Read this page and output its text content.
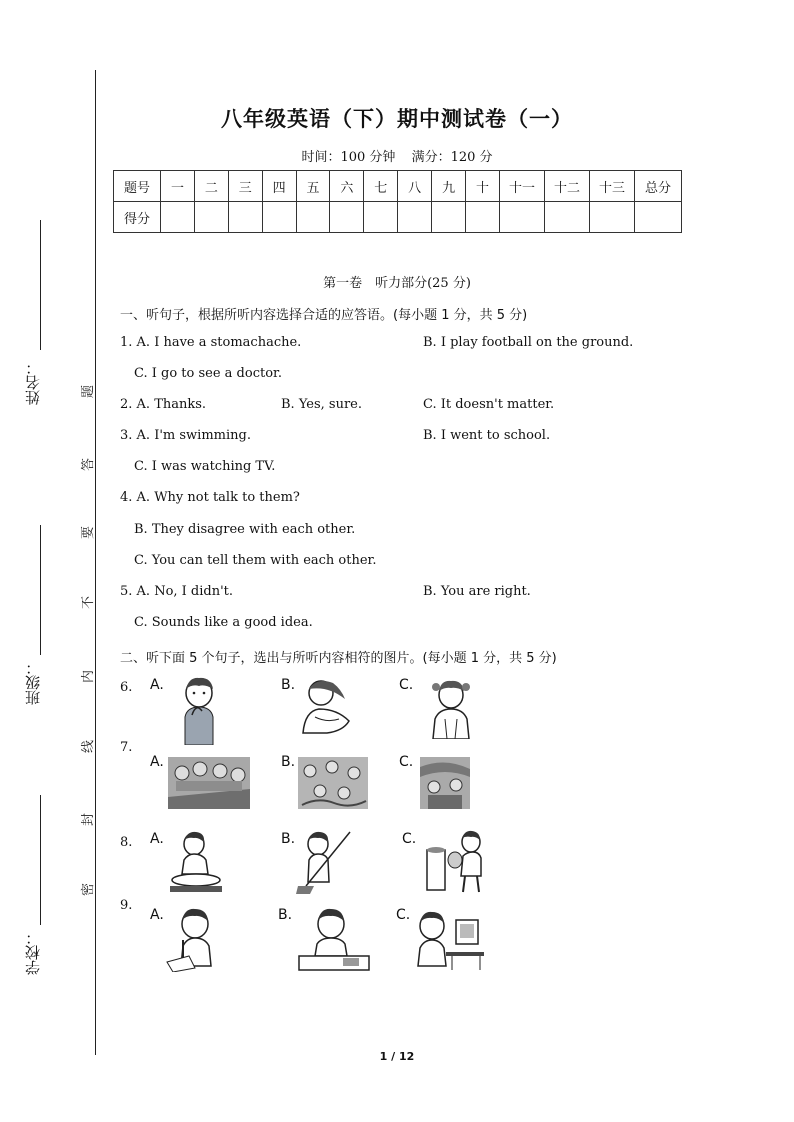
姓名：
班级：
学校：
题
答
要
不
内
线
封
密
八年级英语（下）期中测试卷（一）
时间：100 分钟 满分：120 分
题号	一	二	三	四	五	六	七	八	九	十	十一	十二	十三	总分
得分														
第一卷　听力部分(25 分)
一、听句子，根据所听内容选择合适的应答语。(每小题 1 分，共 5 分)
1. A. I have a stomachache.	B. I play football on the ground.
C. I go to see a doctor.
2. A. Thanks.	B. Yes, sure.	C. It doesn't matter.
3. A. I'm swimming.	B. I went to school.
C. I was watching TV.
4. A. Why not talk to them?
B. They disagree with each other.
C. You can tell them with each other.
5. A. No, I didn't.	B. You are right.
C. Sounds like a good idea.
二、听下面 5 个句子，选出与所听内容相符的图片。(每小题 1 分，共 5 分)
6.
7.
8.
9.
A.	B.	C.
A.	B.	C.
A.	B.	C.
A.	B.	C.
1 / 12
